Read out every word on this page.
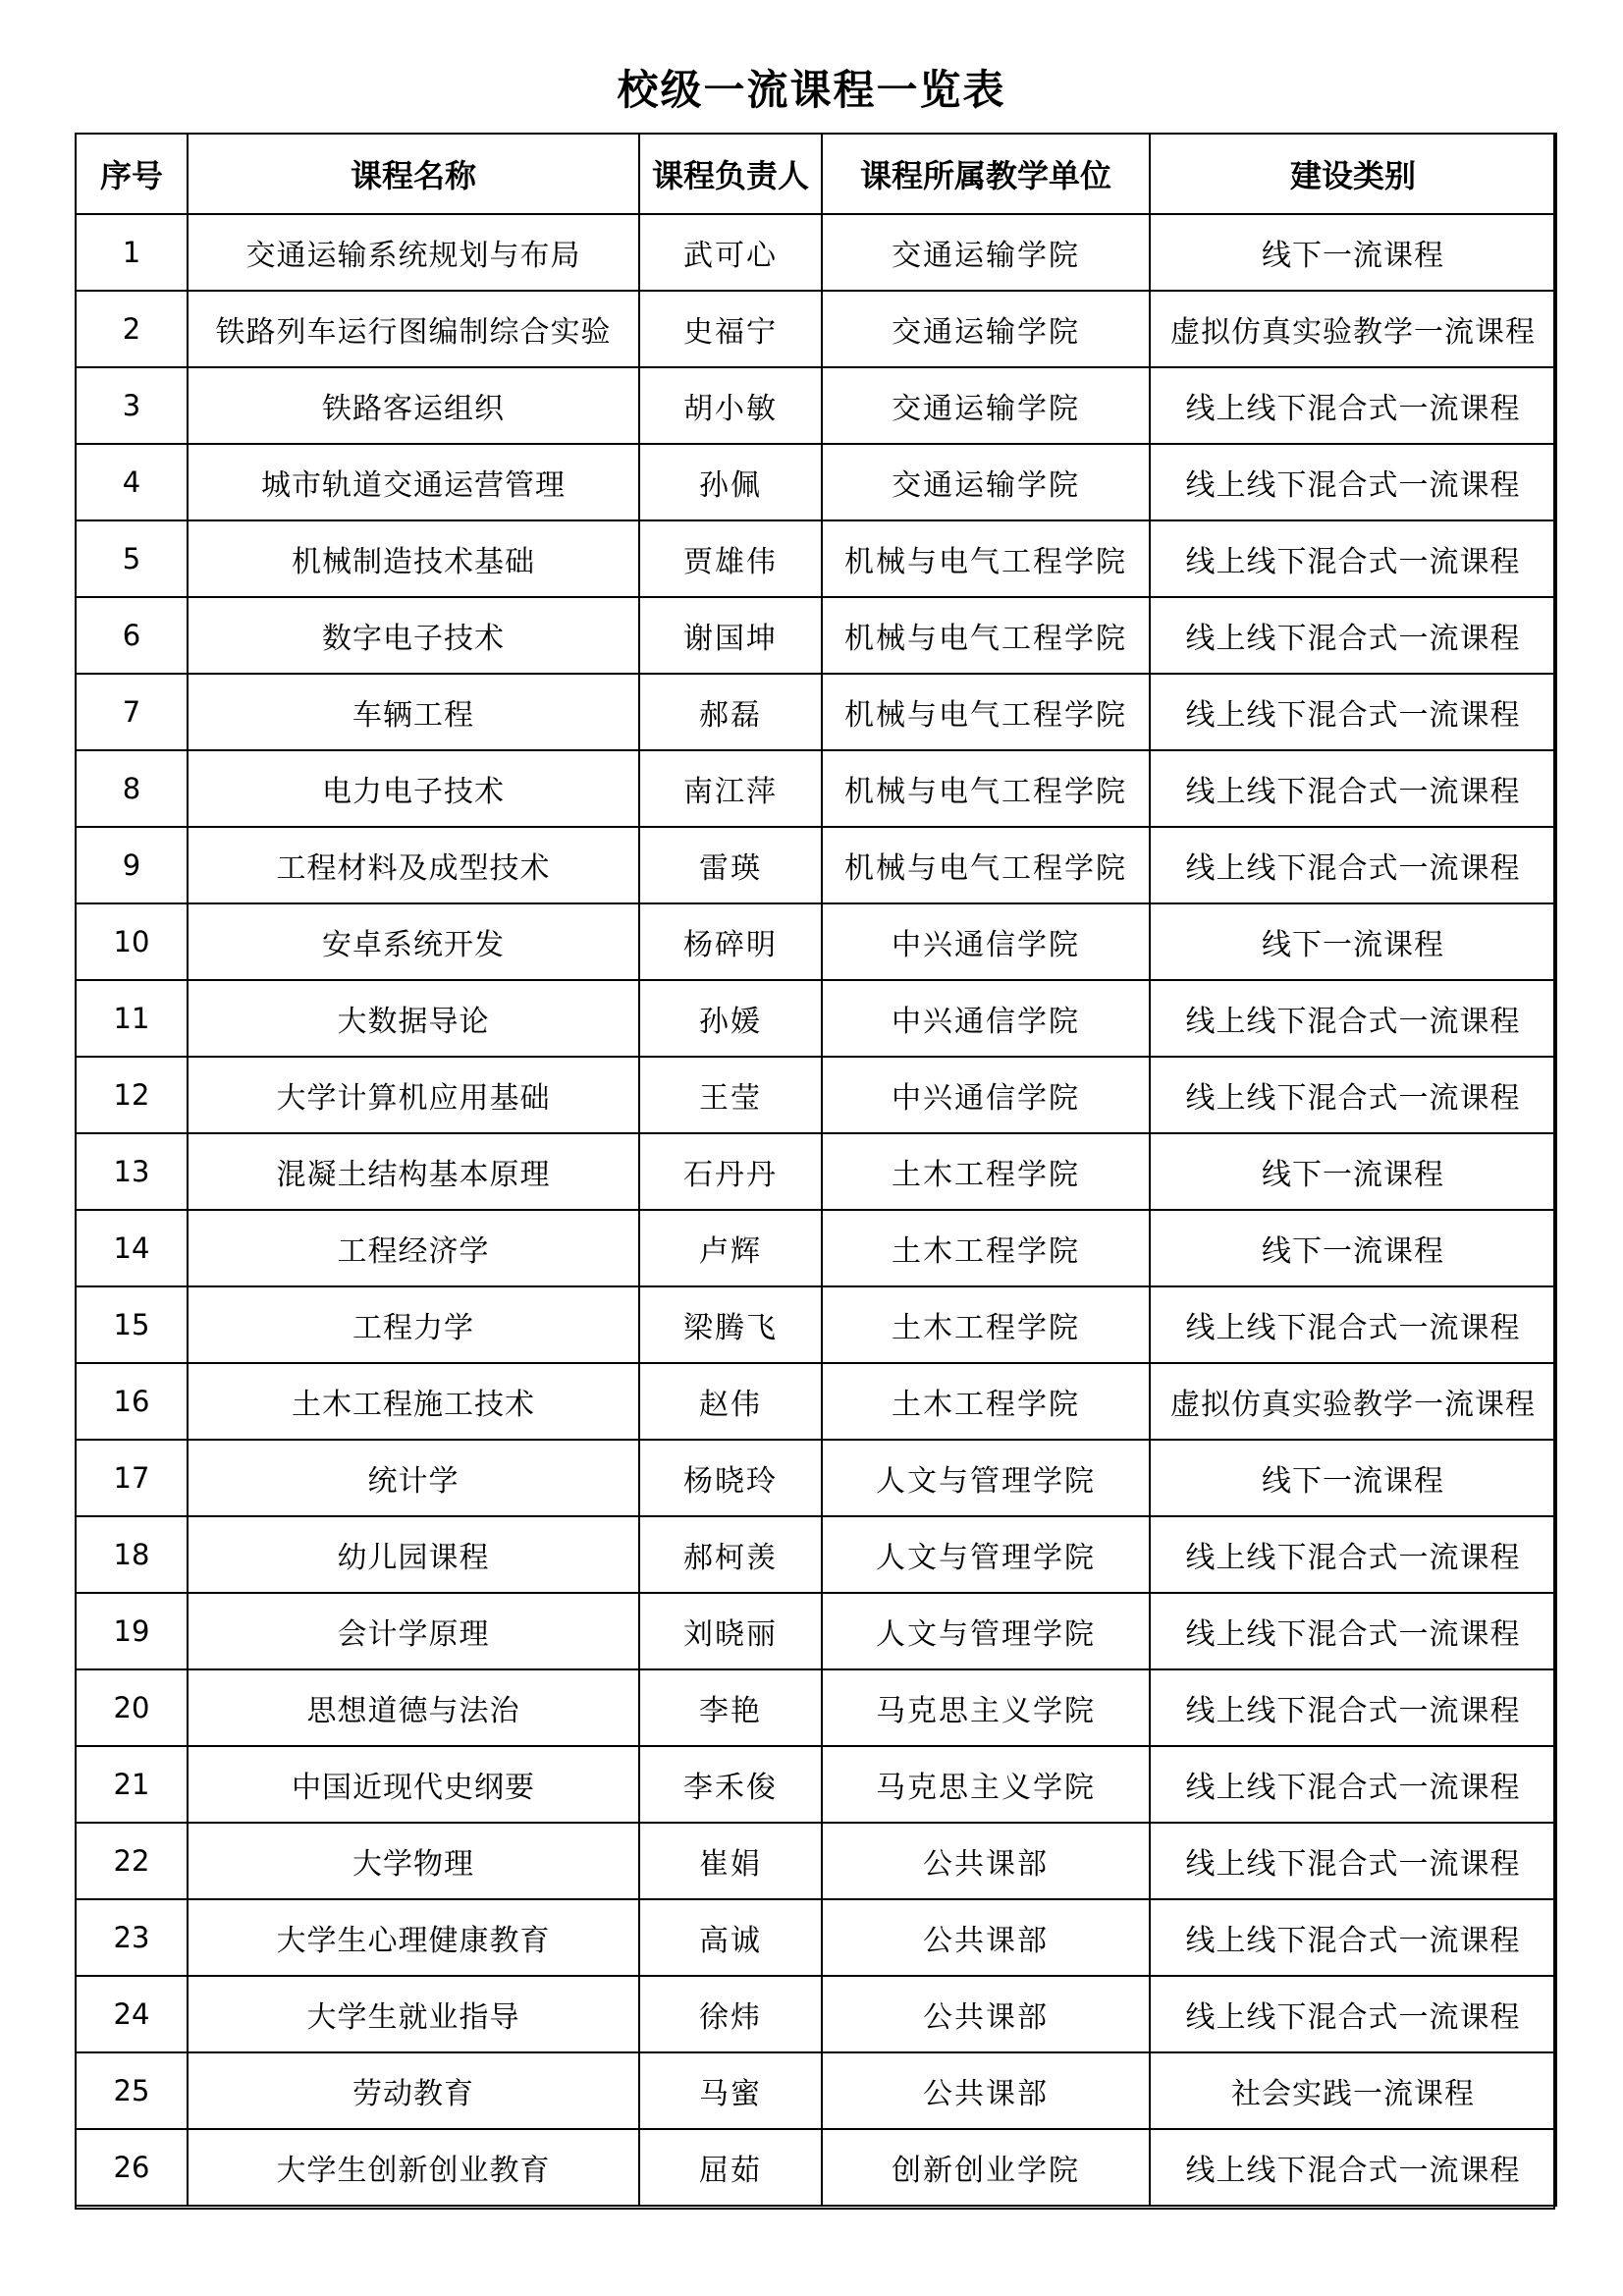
校级一流课程一览表
序号	课程名称	课程负责人	课程所属教学单位	建设类别
1	交通运输系统规划与布局	武可心	交通运输学院	线下一流课程
2	铁路列车运行图编制综合实验	史福宁	交通运输学院	虚拟仿真实验教学一流课程
3	铁路客运组织	胡小敏	交通运输学院	线上线下混合式一流课程
4	城市轨道交通运营管理	孙佩	交通运输学院	线上线下混合式一流课程
5	机械制造技术基础	贾雄伟	机械与电气工程学院	线上线下混合式一流课程
6	数字电子技术	谢国坤	机械与电气工程学院	线上线下混合式一流课程
7	车辆工程	郝磊	机械与电气工程学院	线上线下混合式一流课程
8	电力电子技术	南江萍	机械与电气工程学院	线上线下混合式一流课程
9	工程材料及成型技术	雷瑛	机械与电气工程学院	线上线下混合式一流课程
10	安卓系统开发	杨碎明	中兴通信学院	线下一流课程
11	大数据导论	孙媛	中兴通信学院	线上线下混合式一流课程
12	大学计算机应用基础	王莹	中兴通信学院	线上线下混合式一流课程
13	混凝土结构基本原理	石丹丹	土木工程学院	线下一流课程
14	工程经济学	卢辉	土木工程学院	线下一流课程
15	工程力学	梁腾飞	土木工程学院	线上线下混合式一流课程
16	土木工程施工技术	赵伟	土木工程学院	虚拟仿真实验教学一流课程
17	统计学	杨晓玲	人文与管理学院	线下一流课程
18	幼儿园课程	郝柯羡	人文与管理学院	线上线下混合式一流课程
19	会计学原理	刘晓丽	人文与管理学院	线上线下混合式一流课程
20	思想道德与法治	李艳	马克思主义学院	线上线下混合式一流课程
21	中国近现代史纲要	李禾俊	马克思主义学院	线上线下混合式一流课程
22	大学物理	崔娟	公共课部	线上线下混合式一流课程
23	大学生心理健康教育	高诚	公共课部	线上线下混合式一流课程
24	大学生就业指导	徐炜	公共课部	线上线下混合式一流课程
25	劳动教育	马蜜	公共课部	社会实践一流课程
26	大学生创新创业教育	屈茹	创新创业学院	线上线下混合式一流课程
